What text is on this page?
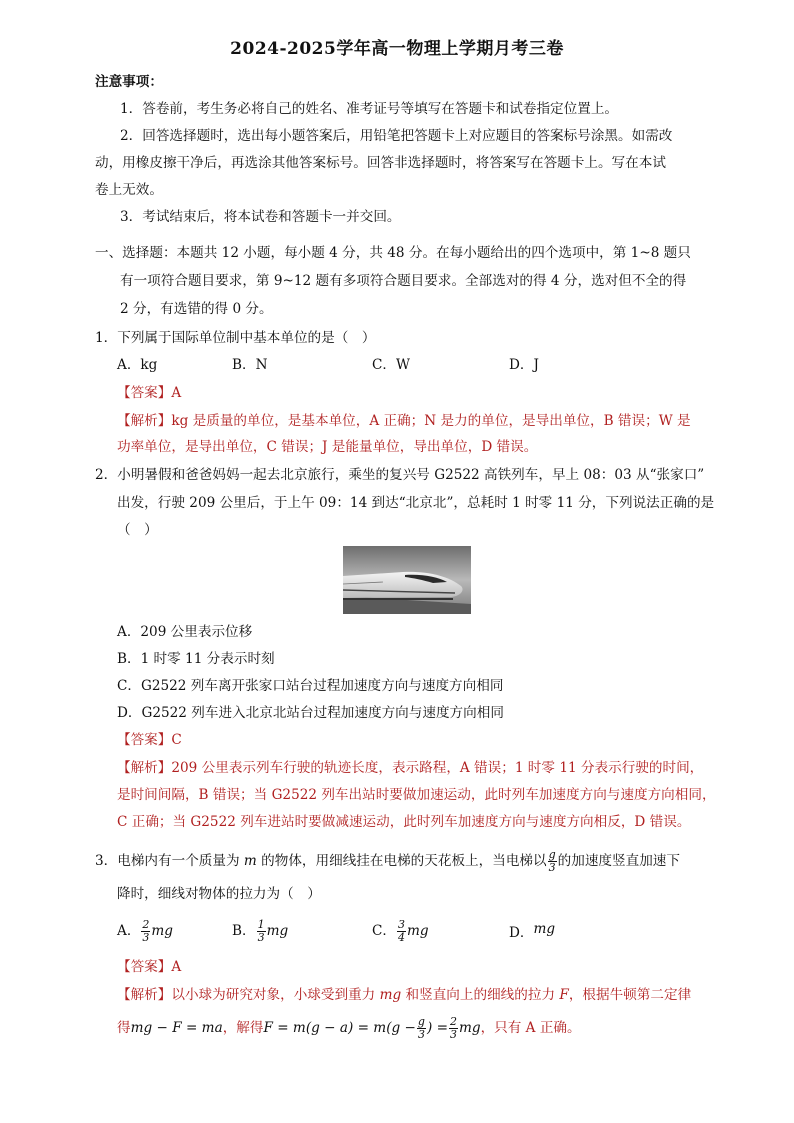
2024-2025学年高一物理上学期月考三卷
注意事项：
1．答卷前，考生务必将自己的姓名、准考证号等填写在答题卡和试卷指定位置上。
2．回答选择题时，选出每小题答案后，用铅笔把答题卡上对应题目的答案标号涂黑。如需改
动，用橡皮擦干净后，再选涂其他答案标号。回答非选择题时，将答案写在答题卡上。写在本试
卷上无效。
3．考试结束后，将本试卷和答题卡一并交回。
一、选择题：本题共 12 小题，每小题 4 分，共 48 分。在每小题给出的四个选项中，第 1~8 题只
有一项符合题目要求，第 9~12 题有多项符合题目要求。全部选对的得 4 分，选对但不全的得
2 分，有选错的得 0 分。
1．下列属于国际单位制中基本单位的是（　）
A．kg	B．N	C．W	D．J
【答案】A
【解析】kg 是质量的单位，是基本单位，A 正确；N 是力的单位，是导出单位，B 错误；W 是
功率单位，是导出单位，C 错误；J 是能量单位，导出单位，D 错误。
2．小明暑假和爸爸妈妈一起去北京旅行，乘坐的复兴号 G2522 高铁列车，早上 08：03 从“张家口”
出发，行驶 209 公里后，于上午 09：14 到达“北京北”，总耗时 1 时零 11 分，下列说法正确的是
（　）
A．209 公里表示位移
B．1 时零 11 分表示时刻
C．G2522 列车离开张家口站台过程加速度方向与速度方向相同
D．G2522 列车进入北京北站台过程加速度方向与速度方向相同
【答案】C
【解析】209 公里表示列车行驶的轨迹长度，表示路程，A 错误；1 时零 11 分表示行驶的时间，
是时间间隔，B 错误；当 G2522 列车出站时要做加速运动，此时列车加速度方向与速度方向相同，
C 正确；当 G2522 列车进站时要做减速运动，此时列车加速度方向与速度方向相反，D 错误。
3．电梯内有一个质量为 m 的物体，用细线挂在电梯的天花板上，当电梯以 $\frac{g}{3}$ 的加速度竖直加速下
降时，细线对物体的拉力为（　）
A． $\frac{2}{3}$ mg	B． $\frac{1}{3}$ mg	C． $\frac{3}{4}$ mg	D．mg
【答案】A
【解析】以小球为研究对象，小球受到重力 mg 和竖直向上的细线的拉力 F，根据牛顿第二定律
得mg − F = ma，解得$F = m(g - a) = m(g - \frac{g}{3}$ ) = $\frac{2}{3}$ mg，只有 A 正确。
